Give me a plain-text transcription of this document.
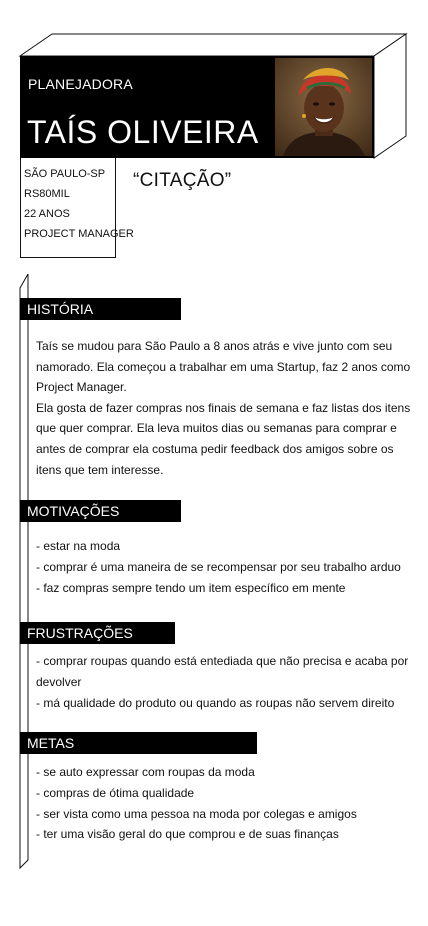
PLANEJADORA
TAÍS OLIVEIRA
SÃO PAULO-SP
RS80MIL
22 ANOS
PROJECT MANAGER
“CITAÇÃO”
HISTÓRIA

Taís se mudou para São Paulo a 8 anos atrás e vive junto com seu namorado. Ela começou a trabalhar em uma Startup, faz 2 anos como Project Manager.

Ela gosta de fazer compras nos finais de semana e faz listas dos itens que quer comprar. Ela leva muitos dias ou semanas para comprar e antes de comprar ela costuma pedir feedback dos amigos sobre os itens que tem interesse.

MOTIVAÇÕES
- estar na moda
- comprar é uma maneira de se recompensar por seu trabalho arduo
- faz compras sempre tendo um item específico em mente
FRUSTRAÇÕES
- comprar roupas quando está entediada que não precisa e acaba por devolver
- má qualidade do produto ou quando as roupas não servem direito
METAS
- se auto expressar com roupas da moda
- compras de ótima qualidade
- ser vista como uma pessoa na moda por colegas e amigos
- ter uma visão geral do que comprou e de suas finanças
